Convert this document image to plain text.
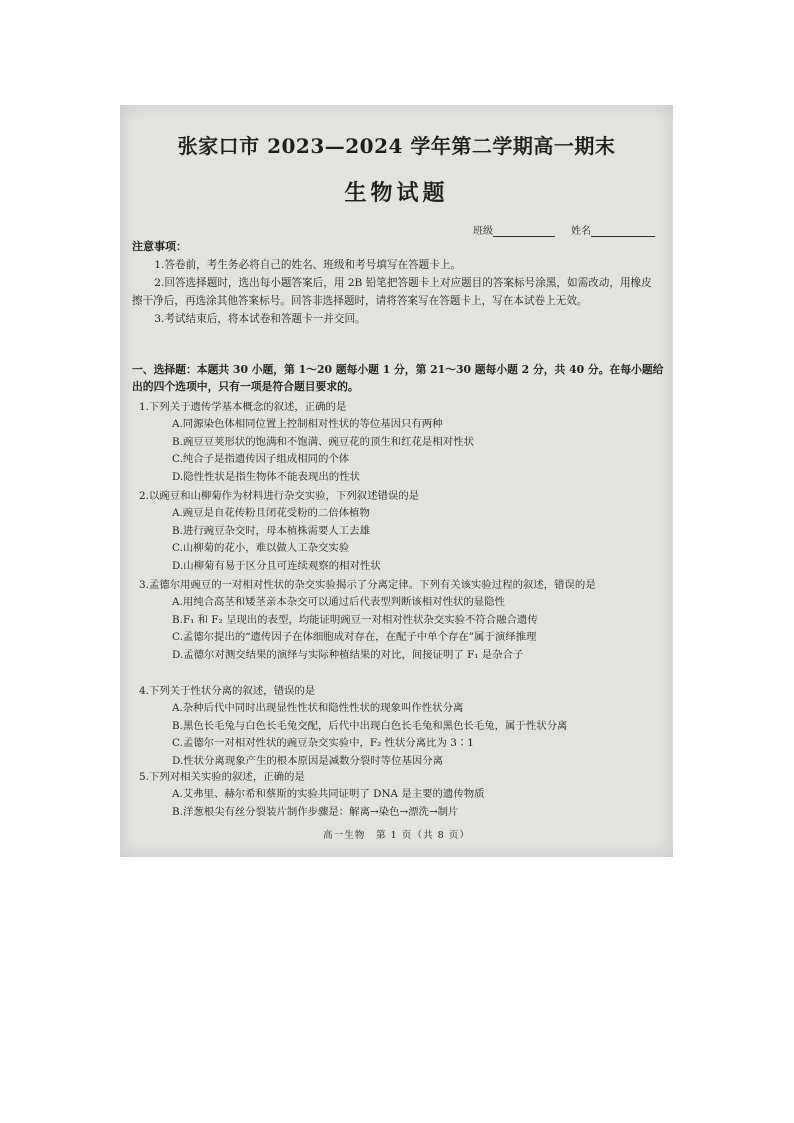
张家口市 2023—2024 学年第二学期高一期末
生物试题
班级	姓名
注意事项：
1.答卷前，考生务必将自己的姓名、班级和考号填写在答题卡上。
2.回答选择题时，选出每小题答案后，用 2B 铅笔把答题卡上对应题目的答案标号涂黑，如需改动，用橡皮擦干净后，再选涂其他答案标号。回答非选择题时，请将答案写在答题卡上，写在本试卷上无效。
3.考试结束后，将本试卷和答题卡一并交回。
一、选择题：本题共 30 小题，第 1～20 题每小题 1 分，第 21～30 题每小题 2 分，共 40 分。在每小题给出的四个选项中，只有一项是符合题目要求的。
1.下列关于遗传学基本概念的叙述，正确的是
A.同源染色体相同位置上控制相对性状的等位基因只有两种
B.豌豆豆荚形状的饱满和不饱满、豌豆花的顶生和红花是相对性状
C.纯合子是指遗传因子组成相同的个体
D.隐性性状是指生物体不能表现出的性状
2.以豌豆和山柳菊作为材料进行杂交实验，下列叙述错误的是
A.豌豆是自花传粉且闭花受粉的二倍体植物
B.进行豌豆杂交时，母本植株需要人工去雄
C.山柳菊的花小，难以做人工杂交实验
D.山柳菊有易于区分且可连续观察的相对性状
3.孟德尔用豌豆的一对相对性状的杂交实验揭示了分离定律。下列有关该实验过程的叙述，错误的是
A.用纯合高茎和矮茎亲本杂交可以通过后代表型判断该相对性状的显隐性
B.F₁ 和 F₂ 呈现出的表型，均能证明豌豆一对相对性状杂交实验不符合融合遗传
C.孟德尔提出的“遗传因子在体细胞成对存在，在配子中单个存在”属于演绎推理
D.孟德尔对测交结果的演绎与实际种植结果的对比，间接证明了 F₁ 是杂合子
4.下列关于性状分离的叙述，错误的是
A.杂种后代中同时出现显性性状和隐性性状的现象叫作性状分离
B.黑色长毛兔与白色长毛兔交配，后代中出现白色长毛兔和黑色长毛兔，属于性状分离
C.孟德尔一对相对性状的豌豆杂交实验中，F₂ 性状分离比为 3∶1
D.性状分离现象产生的根本原因是减数分裂时等位基因分离
5.下列对相关实验的叙述，正确的是
A.艾弗里、赫尔希和蔡斯的实验共同证明了 DNA 是主要的遗传物质
B.洋葱根尖有丝分裂装片制作步骤是：解离→染色→漂洗→制片
高一生物　第 1 页（共 8 页）
